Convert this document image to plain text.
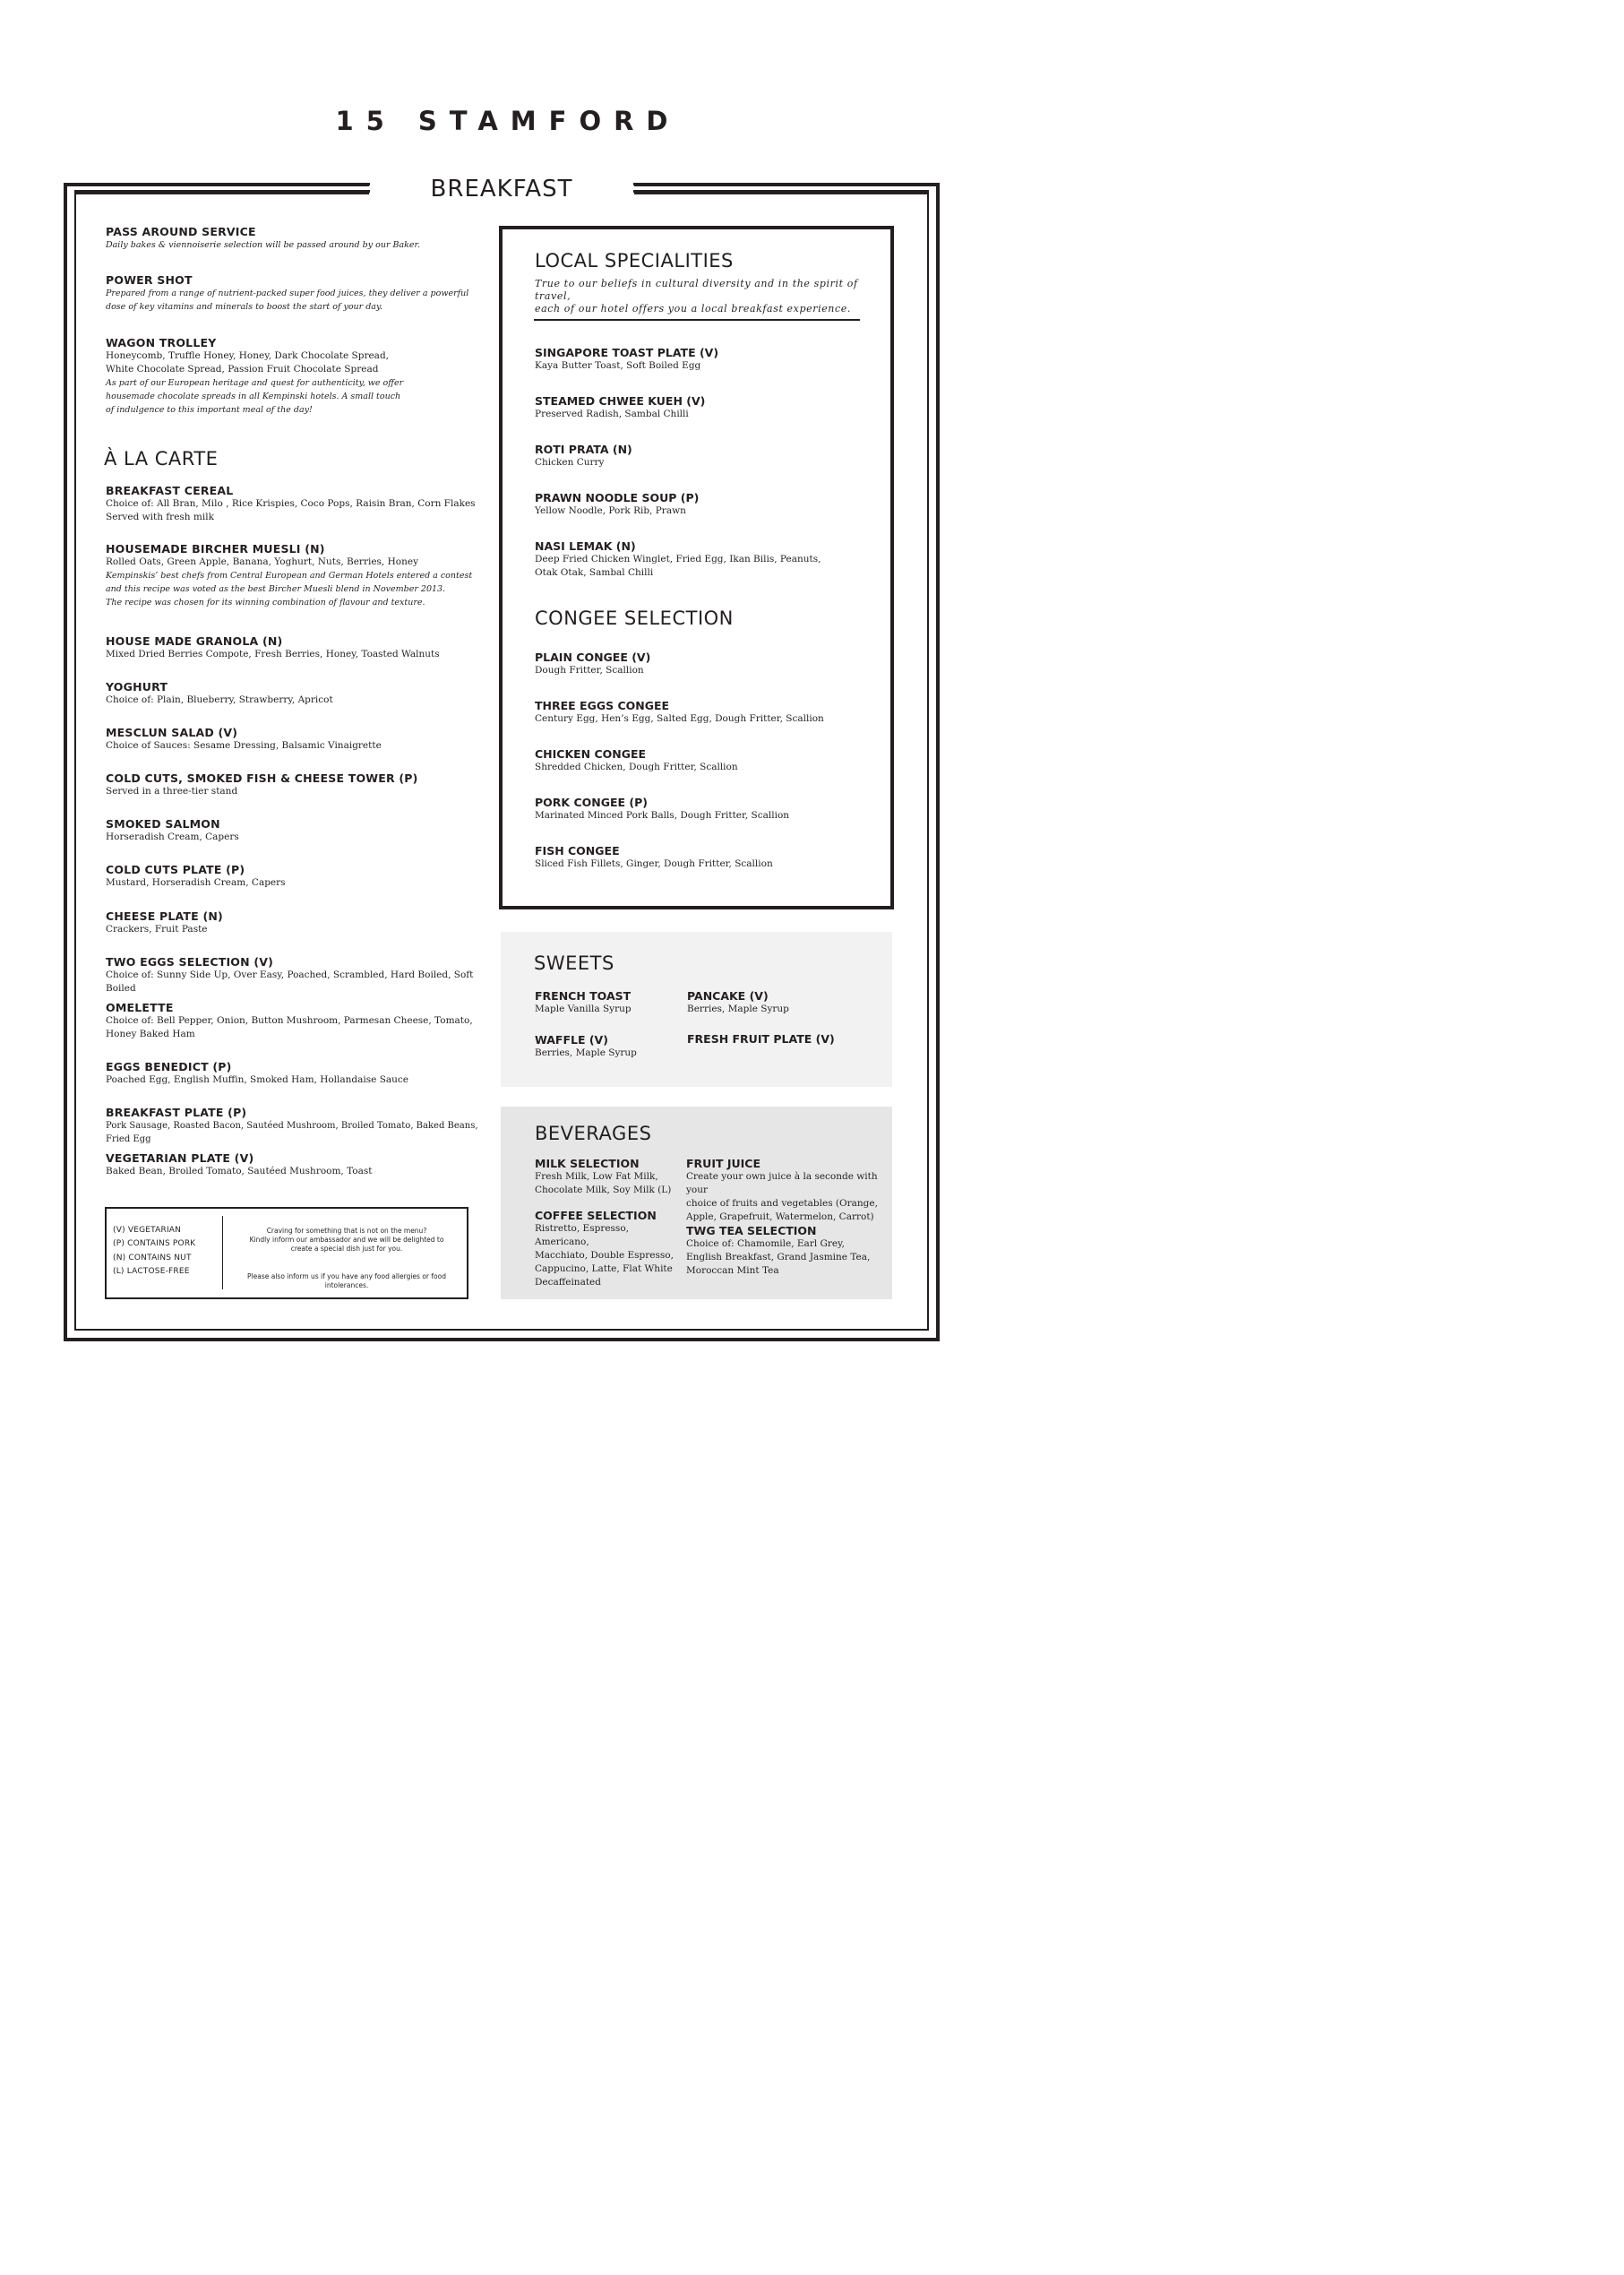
15 STAMFORD
BREAKFAST
PASS AROUND SERVICE
Daily bakes & viennoiserie selection will be passed around by our Baker.
POWER SHOT
Prepared from a range of nutrient-packed super food juices, they deliver a powerful
dose of key vitamins and minerals to boost the start of your day.
WAGON TROLLEY
Honeycomb, Truffle Honey, Honey, Dark Chocolate Spread,
White Chocolate Spread, Passion Fruit Chocolate Spread
As part of our European heritage and quest for authenticity, we offer
housemade chocolate spreads in all Kempinski hotels. A small touch
of indulgence to this important meal of the day!
À LA CARTE
BREAKFAST CEREAL
Choice of: All Bran, Milo , Rice Krispies, Coco Pops, Raisin Bran, Corn Flakes
Served with fresh milk
HOUSEMADE BIRCHER MUESLI (N)
Rolled Oats, Green Apple, Banana, Yoghurt, Nuts, Berries, Honey
Kempinskis’ best chefs from Central European and German Hotels entered a contest
and this recipe was voted as the best Bircher Muesli blend in November 2013.
The recipe was chosen for its winning combination of flavour and texture.
HOUSE MADE GRANOLA (N)
Mixed Dried Berries Compote, Fresh Berries, Honey, Toasted Walnuts
YOGHURT
Choice of: Plain, Blueberry, Strawberry, Apricot
MESCLUN SALAD (V)
Choice of Sauces: Sesame Dressing, Balsamic Vinaigrette
COLD CUTS, SMOKED FISH & CHEESE TOWER (P)
Served in a three-tier stand
SMOKED SALMON
Horseradish Cream, Capers
COLD CUTS PLATE (P)
Mustard, Horseradish Cream, Capers
CHEESE PLATE (N)
Crackers, Fruit Paste
TWO EGGS SELECTION (V)
Choice of: Sunny Side Up, Over Easy, Poached, Scrambled, Hard Boiled, Soft Boiled
OMELETTE
Choice of: Bell Pepper, Onion, Button Mushroom, Parmesan Cheese, Tomato,
Honey Baked Ham
EGGS BENEDICT (P)
Poached Egg, English Muffin, Smoked Ham, Hollandaise Sauce
BREAKFAST PLATE (P)
Pork Sausage, Roasted Bacon, Sautéed Mushroom, Broiled Tomato, Baked Beans, Fried Egg
VEGETARIAN PLATE (V)
Baked Bean, Broiled Tomato, Sautéed Mushroom, Toast
(V) VEGETARIAN
(P) CONTAINS PORK
(N) CONTAINS NUT
(L) LACTOSE-FREE
Craving for something that is not on the menu?
Kindly inform our ambassador and we will be delighted to
create a special dish just for you.
Please also inform us if you have any food allergies or food intolerances.
LOCAL SPECIALITIES
True to our beliefs in cultural diversity and in the spirit of travel,
each of our hotel offers you a local breakfast experience.
SINGAPORE TOAST PLATE (V)
Kaya Butter Toast, Soft Boiled Egg
STEAMED CHWEE KUEH (V)
Preserved Radish, Sambal Chilli
ROTI PRATA (N)
Chicken Curry
PRAWN NOODLE SOUP (P)
Yellow Noodle, Pork Rib, Prawn
NASI LEMAK (N)
Deep Fried Chicken Winglet, Fried Egg, Ikan Bilis, Peanuts,
Otak Otak, Sambal Chilli
CONGEE SELECTION
PLAIN CONGEE (V)
Dough Fritter, Scallion
THREE EGGS CONGEE
Century Egg, Hen’s Egg, Salted Egg, Dough Fritter, Scallion
CHICKEN CONGEE
Shredded Chicken, Dough Fritter, Scallion
PORK CONGEE (P)
Marinated Minced Pork Balls, Dough Fritter, Scallion
FISH CONGEE
Sliced Fish Fillets, Ginger, Dough Fritter, Scallion
SWEETS
FRENCH TOAST
Maple Vanilla Syrup
PANCAKE (V)
Berries, Maple Syrup
WAFFLE (V)
Berries, Maple Syrup
FRESH FRUIT PLATE (V)
BEVERAGES
MILK SELECTION
Fresh Milk, Low Fat Milk,
Chocolate Milk, Soy Milk (L)
COFFEE SELECTION
Ristretto, Espresso, Americano,
Macchiato, Double Espresso,
Cappucino, Latte, Flat White
Decaffeinated
FRUIT JUICE
Create your own juice à la seconde with your
choice of fruits and vegetables (Orange,
Apple, Grapefruit, Watermelon, Carrot)
TWG TEA SELECTION
Choice of: Chamomile, Earl Grey,
English Breakfast, Grand Jasmine Tea,
Moroccan Mint Tea
